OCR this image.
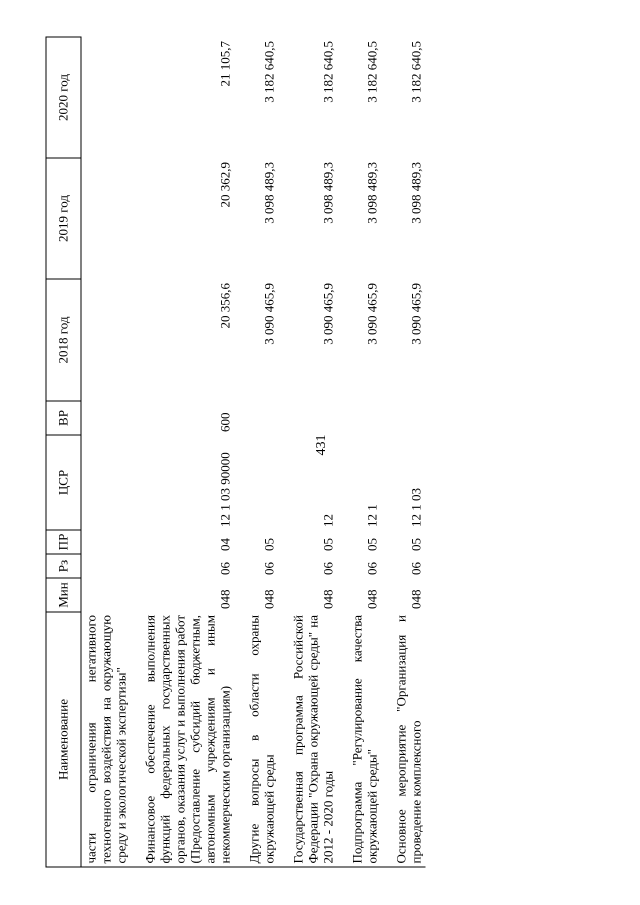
431
Наименование	Мин	Рз	ПР	ЦСР	ВР	2018 год	2019 год	2020 год
части ограничения негативного техногенного воздействия на окружающую среду и экологической экспертизы"								
Финансовое обеспечение выполнения функций федеральных государственных органов, оказания услуг и выполнения работ (Предоставление субсидий бюджетным, автономным учреждениям и иным некоммерческим организациям)	048	06	04	12 1 03 90000	600	20 356,6	20 362,9	21 105,7
Другие вопросы в области охраны окружающей среды	048	06	05			3 090 465,9	3 098 489,3	3 182 640,5
Государственная программа Российской Федерации "Охрана окружающей среды" на 2012 - 2020 годы	048	06	05	12		3 090 465,9	3 098 489,3	3 182 640,5
Подпрограмма "Регулирование качества окружающей среды"	048	06	05	12 1		3 090 465,9	3 098 489,3	3 182 640,5
Основное мероприятие "Организация и проведение комплексного	048	06	05	12 1 03		3 090 465,9	3 098 489,3	3 182 640,5
